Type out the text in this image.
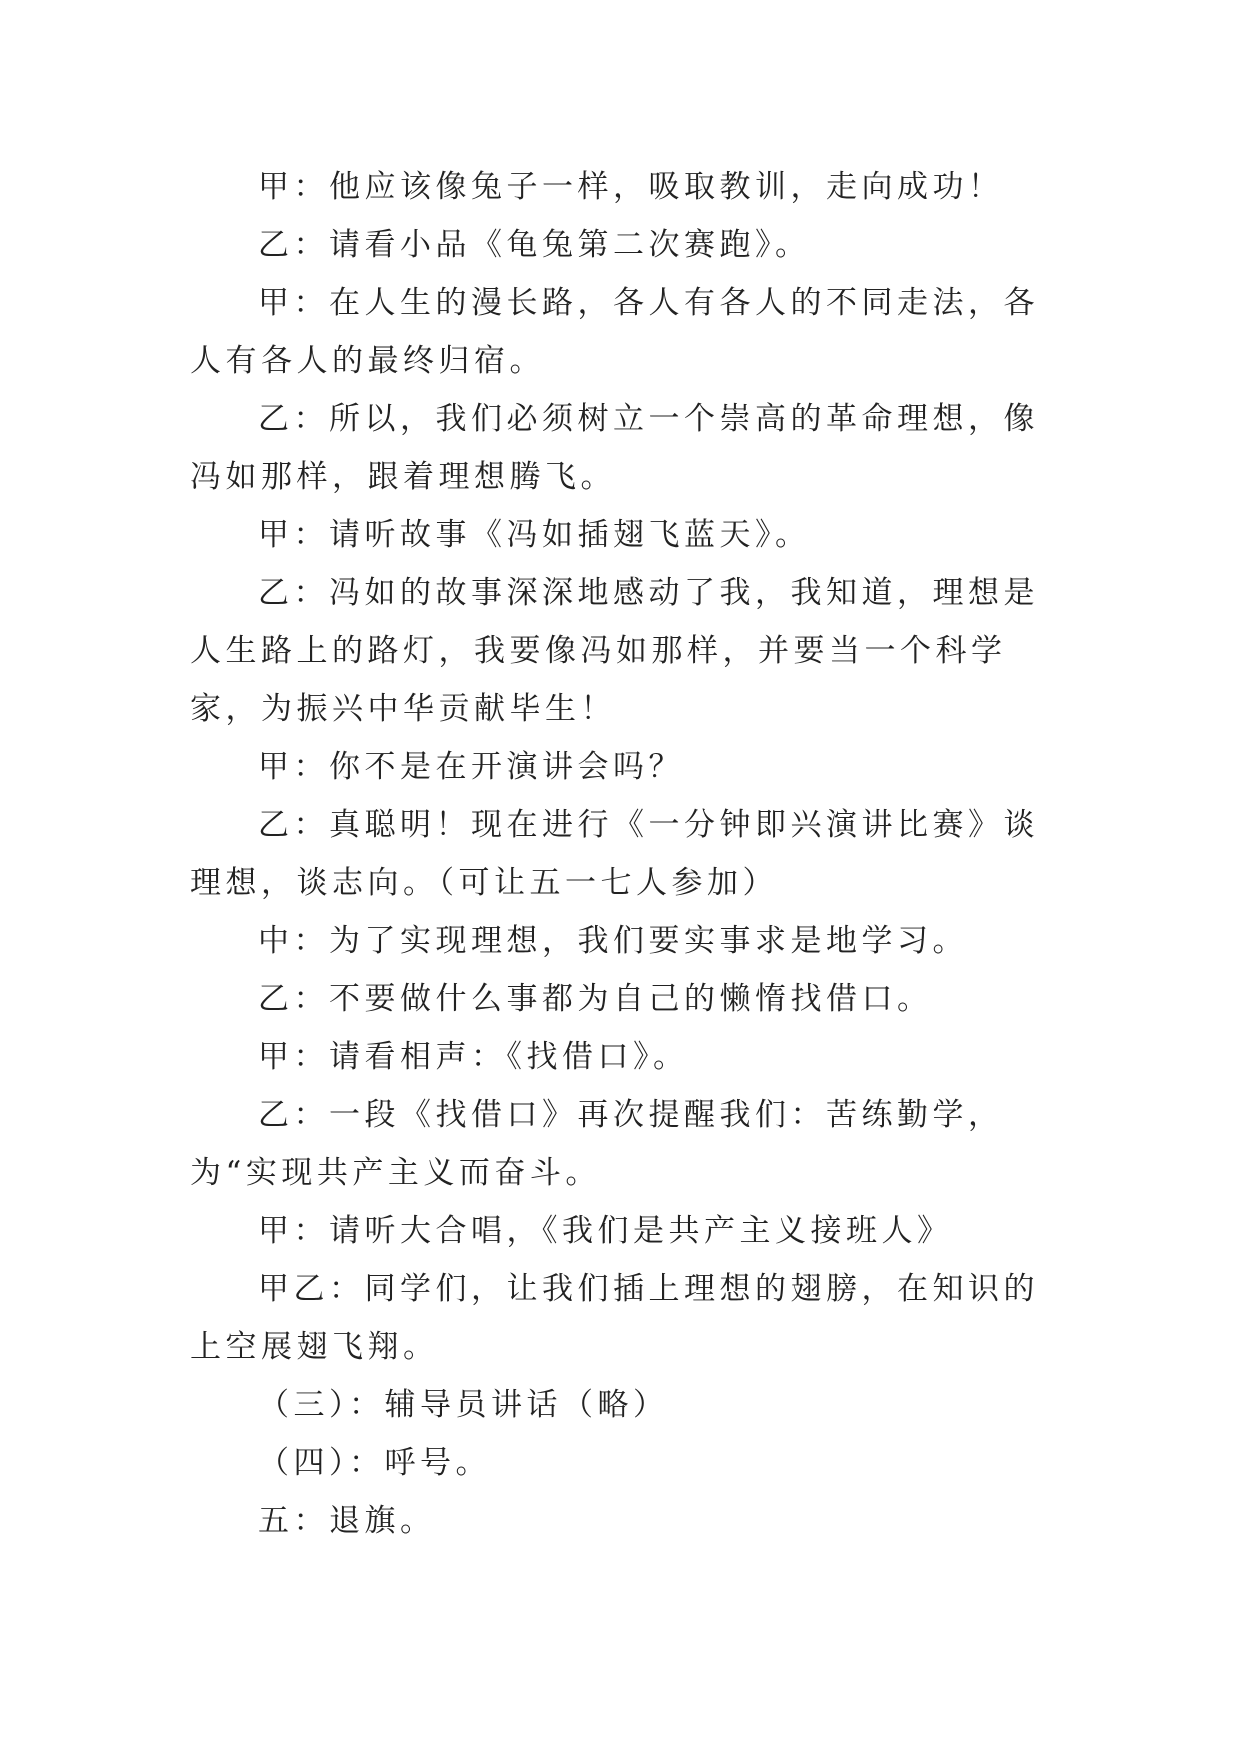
甲：他应该像兔子一样，吸取教训，走向成功！

乙：请看小品《龟兔第二次赛跑》。

甲：在人生的漫长路，各人有各人的不同走法，各人有各人的最终归宿。

乙：所以，我们必须树立一个崇高的革命理想，像冯如那样，跟着理想腾飞。

甲：请听故事《冯如插翅飞蓝天》。

乙：冯如的故事深深地感动了我，我知道，理想是人生路上的路灯，我要像冯如那样，并要当一个科学家，为振兴中华贡献毕生！

甲：你不是在开演讲会吗？

乙：真聪明！现在进行《一分钟即兴演讲比赛》谈理想，谈志向。（可让五一七人参加）

中：为了实现理想，我们要实事求是地学习。

乙：不要做什么事都为自己的懒惰找借口。

甲：请看相声：《找借口》。

乙：一段《找借口》再次提醒我们：苦练勤学，为“实现共产主义而奋斗。

甲：请听大合唱，《我们是共产主义接班人》

甲乙：同学们，让我们插上理想的翅膀，在知识的上空展翅飞翔。

（三）：辅导员讲话（略）

（四）：呼号。

五：退旗。
